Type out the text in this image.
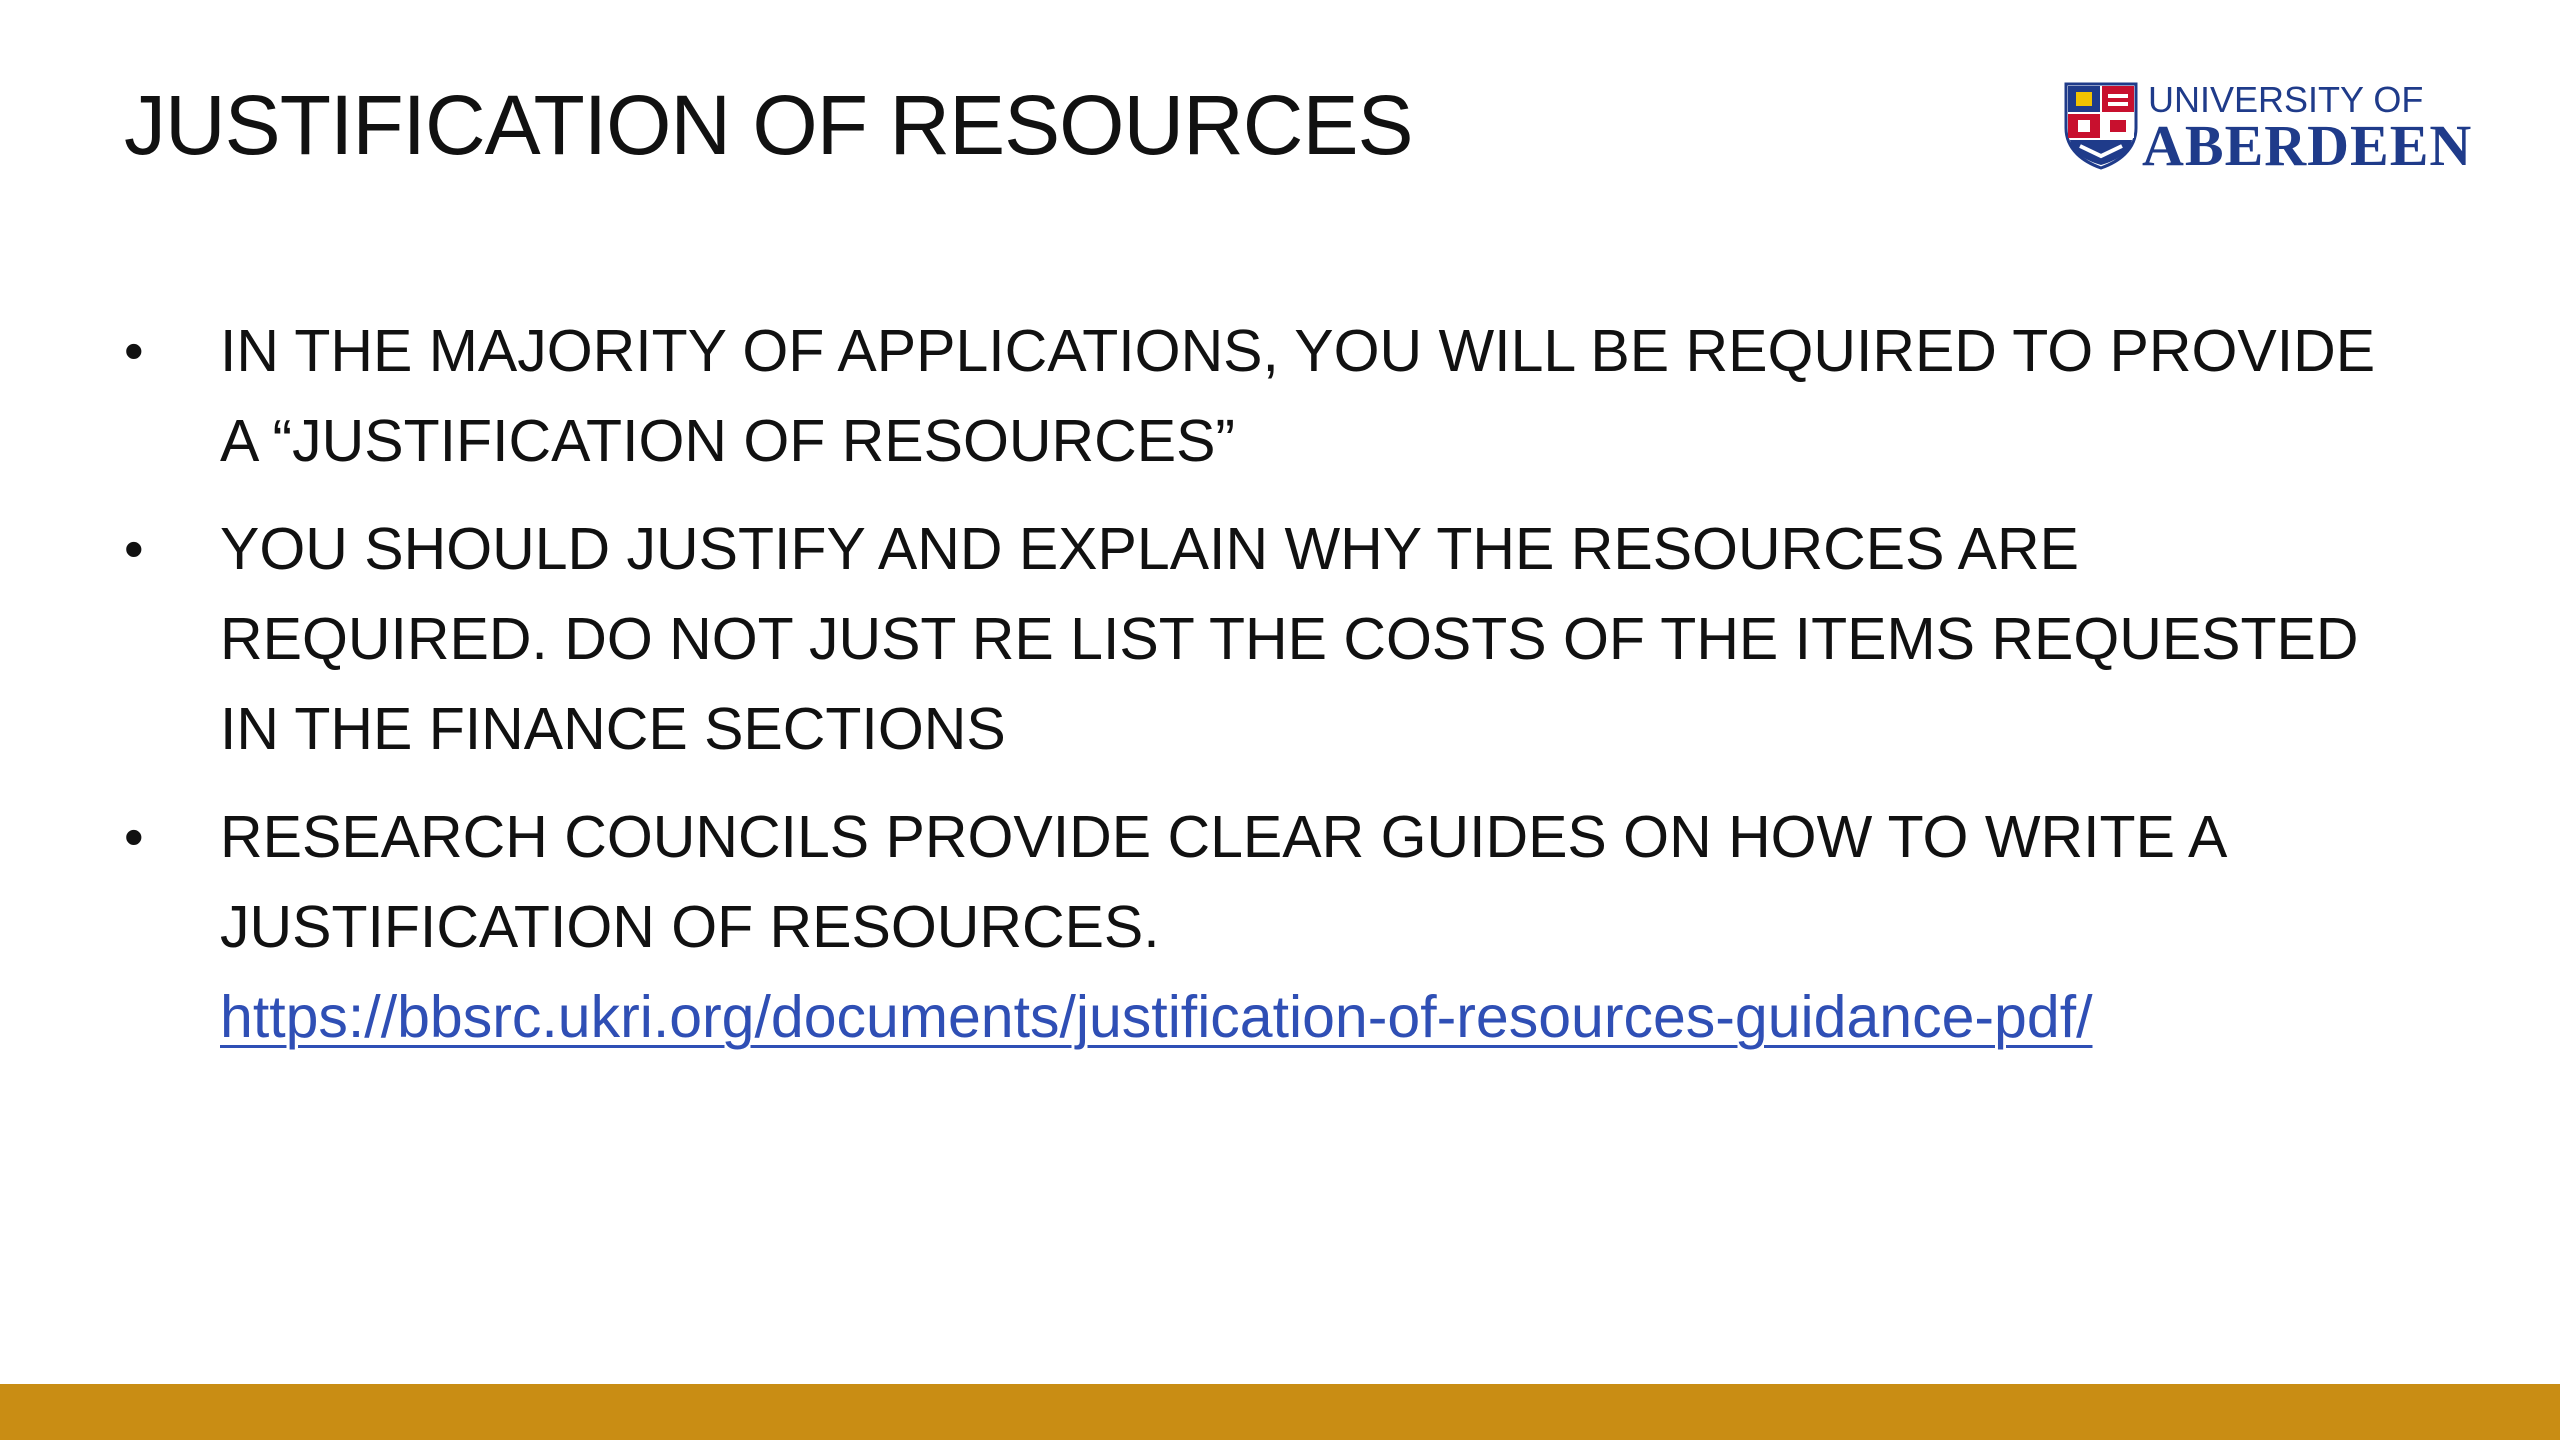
JUSTIFICATION OF RESOURCES	UNIVERSITY OF
ABERDEEN
•	IN THE MAJORITY OF APPLICATIONS, YOU WILL BE REQUIRED TO PROVIDE A “JUSTIFICATION OF RESOURCES”
•	YOU SHOULD JUSTIFY AND EXPLAIN WHY THE RESOURCES ARE REQUIRED. DO NOT JUST RE LIST THE COSTS OF THE ITEMS REQUESTED IN THE FINANCE SECTIONS
•	RESEARCH COUNCILS PROVIDE CLEAR GUIDES ON HOW TO WRITE A JUSTIFICATION OF RESOURCES.
https://bbsrc.ukri.org/documents/justification-of-resources-guidance-pdf/
